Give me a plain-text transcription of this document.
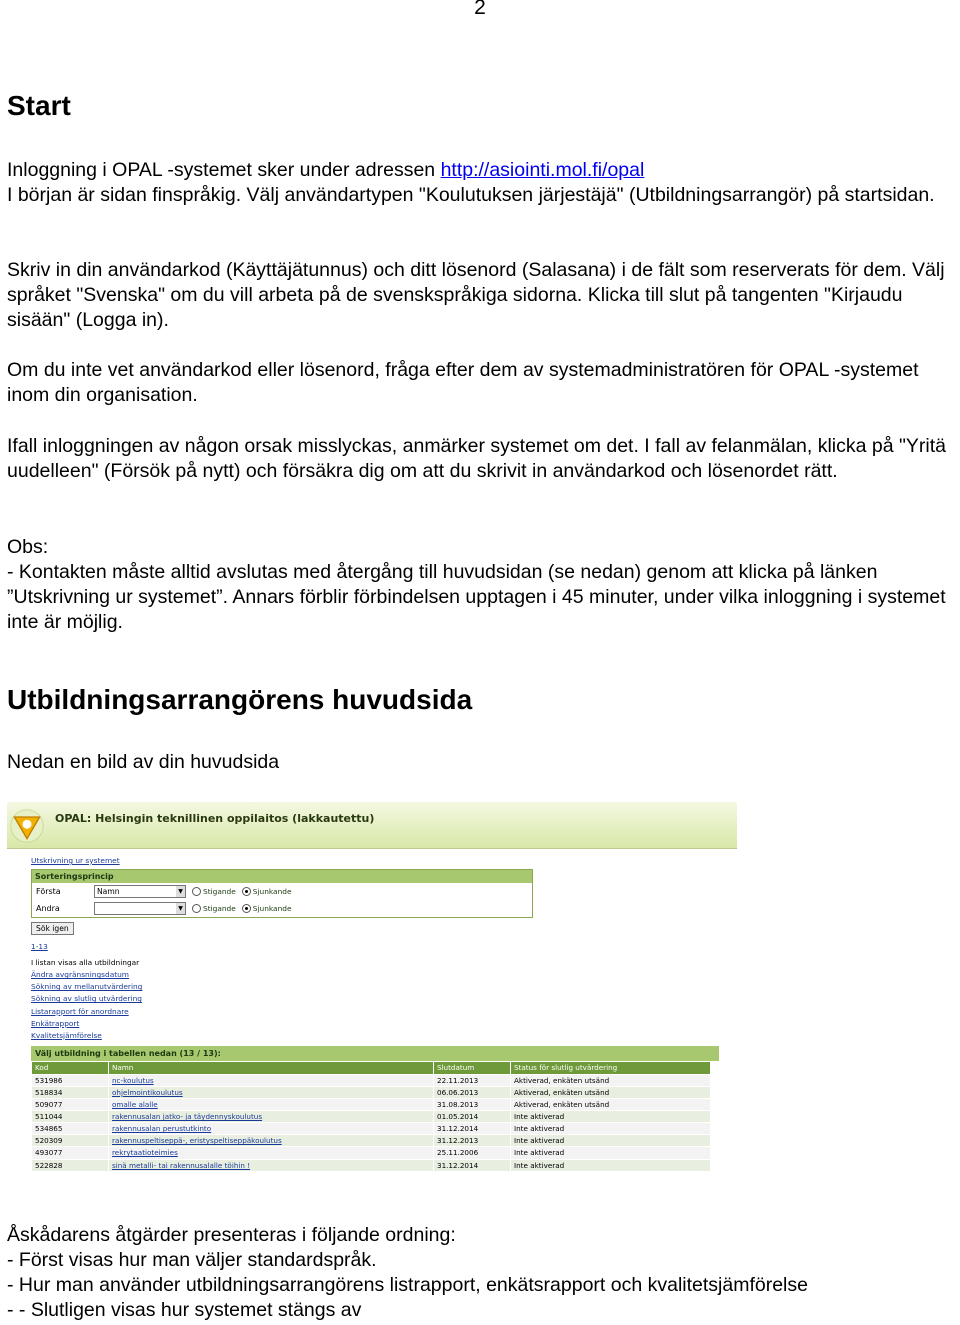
2
Start

Inloggning i OPAL -systemet sker under adressen http://asiointi.mol.fi/opal
I början är sidan finspråkig. Välj användartypen "Koulutuksen järjestäjä" (Utbildningsarrangör) på startsidan.

Skriv in din användarkod (Käyttäjätunnus) och ditt lösenord (Salasana) i de fält som reserverats för dem. Välj språket "Svenska" om du vill arbeta på de svenskspråkiga sidorna. Klicka till slut på tangenten "Kirjaudu sisään" (Logga in).

Om du inte vet användarkod eller lösenord, fråga efter dem av systemadministratören för OPAL -systemet inom din organisation.

Ifall inloggningen av någon orsak misslyckas, anmärker systemet om det. I fall av felanmälan, klicka på "Yritä uudelleen" (Försök på nytt) och försäkra dig om att du skrivit in användarkod och lösenordet rätt.

Obs:
- Kontakten måste alltid avslutas med återgång till huvudsidan (se nedan) genom att klicka på länken ”Utskrivning ur systemet”. Annars förblir förbindelsen upptagen i 45 minuter, under vilka inloggning i systemet inte är möjlig.

Utbildningsarrangörens huvudsida

Nedan en bild av din huvudsida

OPAL: Helsingin teknillinen oppilaitos (lakkautettu)
Utskrivning ur systemet
Sorteringsprincip
Första	Namn	▼	Stigande Sjunkande
Andra	▼	Stigande Sjunkande
Sök igen
1-13
I listan visas alla utbildningar
Ändra avgränsningsdatum
Sökning av mellanutvärdering
Sökning av slutlig utvärdering
Listarapport för anordnare
Enkätrapport
Kvalitetsjämförelse
Välj utbildning i tabellen nedan (13 / 13):
Kod	Namn	Slutdatum	Status för slutlig utvärdering
531986	nc-koulutus	22.11.2013	Aktiverad, enkäten utsänd
518834	ohjelmointikoulutus	06.06.2013	Aktiverad, enkäten utsänd
509077	omalle alalle	31.08.2013	Aktiverad, enkäten utsänd
511044	rakennusalan jatko- ja täydennyskoulutus	01.05.2014	Inte aktiverad
534865	rakennusalan perustutkinto	31.12.2014	Inte aktiverad
520309	rakennuspeltiseppä-, eristyspeltiseppäkoulutus	31.12.2013	Inte aktiverad
493077	rekrytaatioteimies	25.11.2006	Inte aktiverad
522828	sinä metalli- tai rakennusalalle töihin !	31.12.2014	Inte aktiverad

Åskådarens åtgärder presenteras i följande ordning:
- Först visas hur man väljer standardspråk.
- Hur man använder utbildningsarrangörens listrapport, enkätsrapport och kvalitetsjämförelse
- - Slutligen visas hur systemet stängs av
